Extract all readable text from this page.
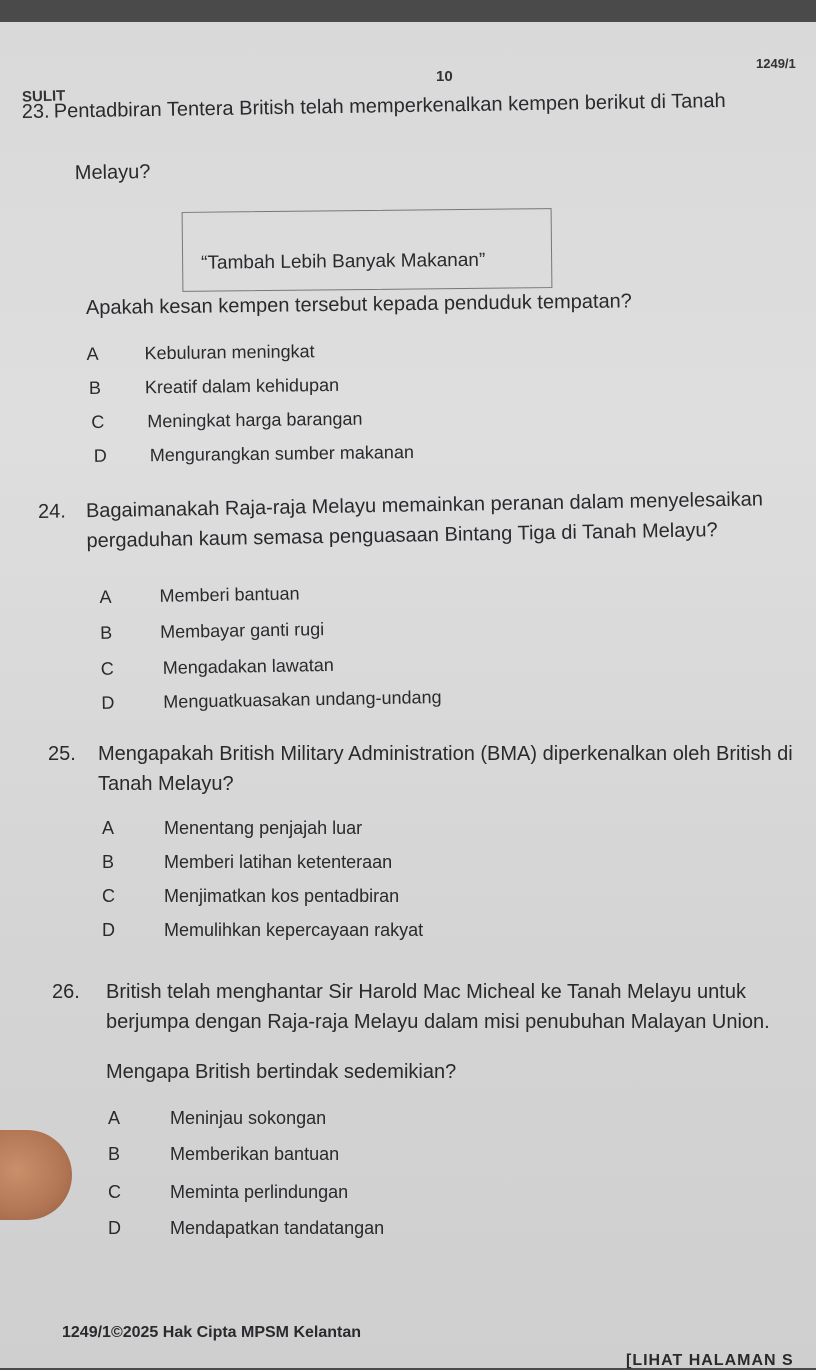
SULIT
10
1249/1
23. Pentadbiran Tentera British telah memperkenalkan kempen berikut di Tanah
Melayu?
“Tambah Lebih Banyak Makanan”
Apakah kesan kempen tersebut kepada penduduk tempatan?
A	Kebuluran meningkat
B Kreatif dalam kehidupan
C Meningkat harga barangan
D Mengurangkan sumber makanan
24. Bagaimanakah Raja-raja Melayu memainkan peranan dalam menyelesaikan
pergaduhan kaum semasa penguasaan Bintang Tiga di Tanah Melayu?
A	Memberi bantuan
B	Membayar ganti rugi
C	Mengadakan lawatan
D	Menguatkuasakan undang-undang
25. Mengapakah British Military Administration (BMA) diperkenalkan oleh British di
Tanah Melayu?
A	Menentang penjajah luar
B	Memberi latihan ketenteraan
C	Menjimatkan kos pentadbiran
D	Memulihkan kepercayaan rakyat
26. British telah menghantar Sir Harold Mac Micheal ke Tanah Melayu untuk
berjumpa dengan Raja-raja Melayu dalam misi penubuhan Malayan Union.
Mengapa British bertindak sedemikian?
A	Meninjau sokongan
B	Memberikan bantuan
C	Meminta perlindungan
D	Mendapatkan tandatangan
1249/1©2025 Hak Cipta MPSM Kelantan
[LIHAT HALAMAN S
